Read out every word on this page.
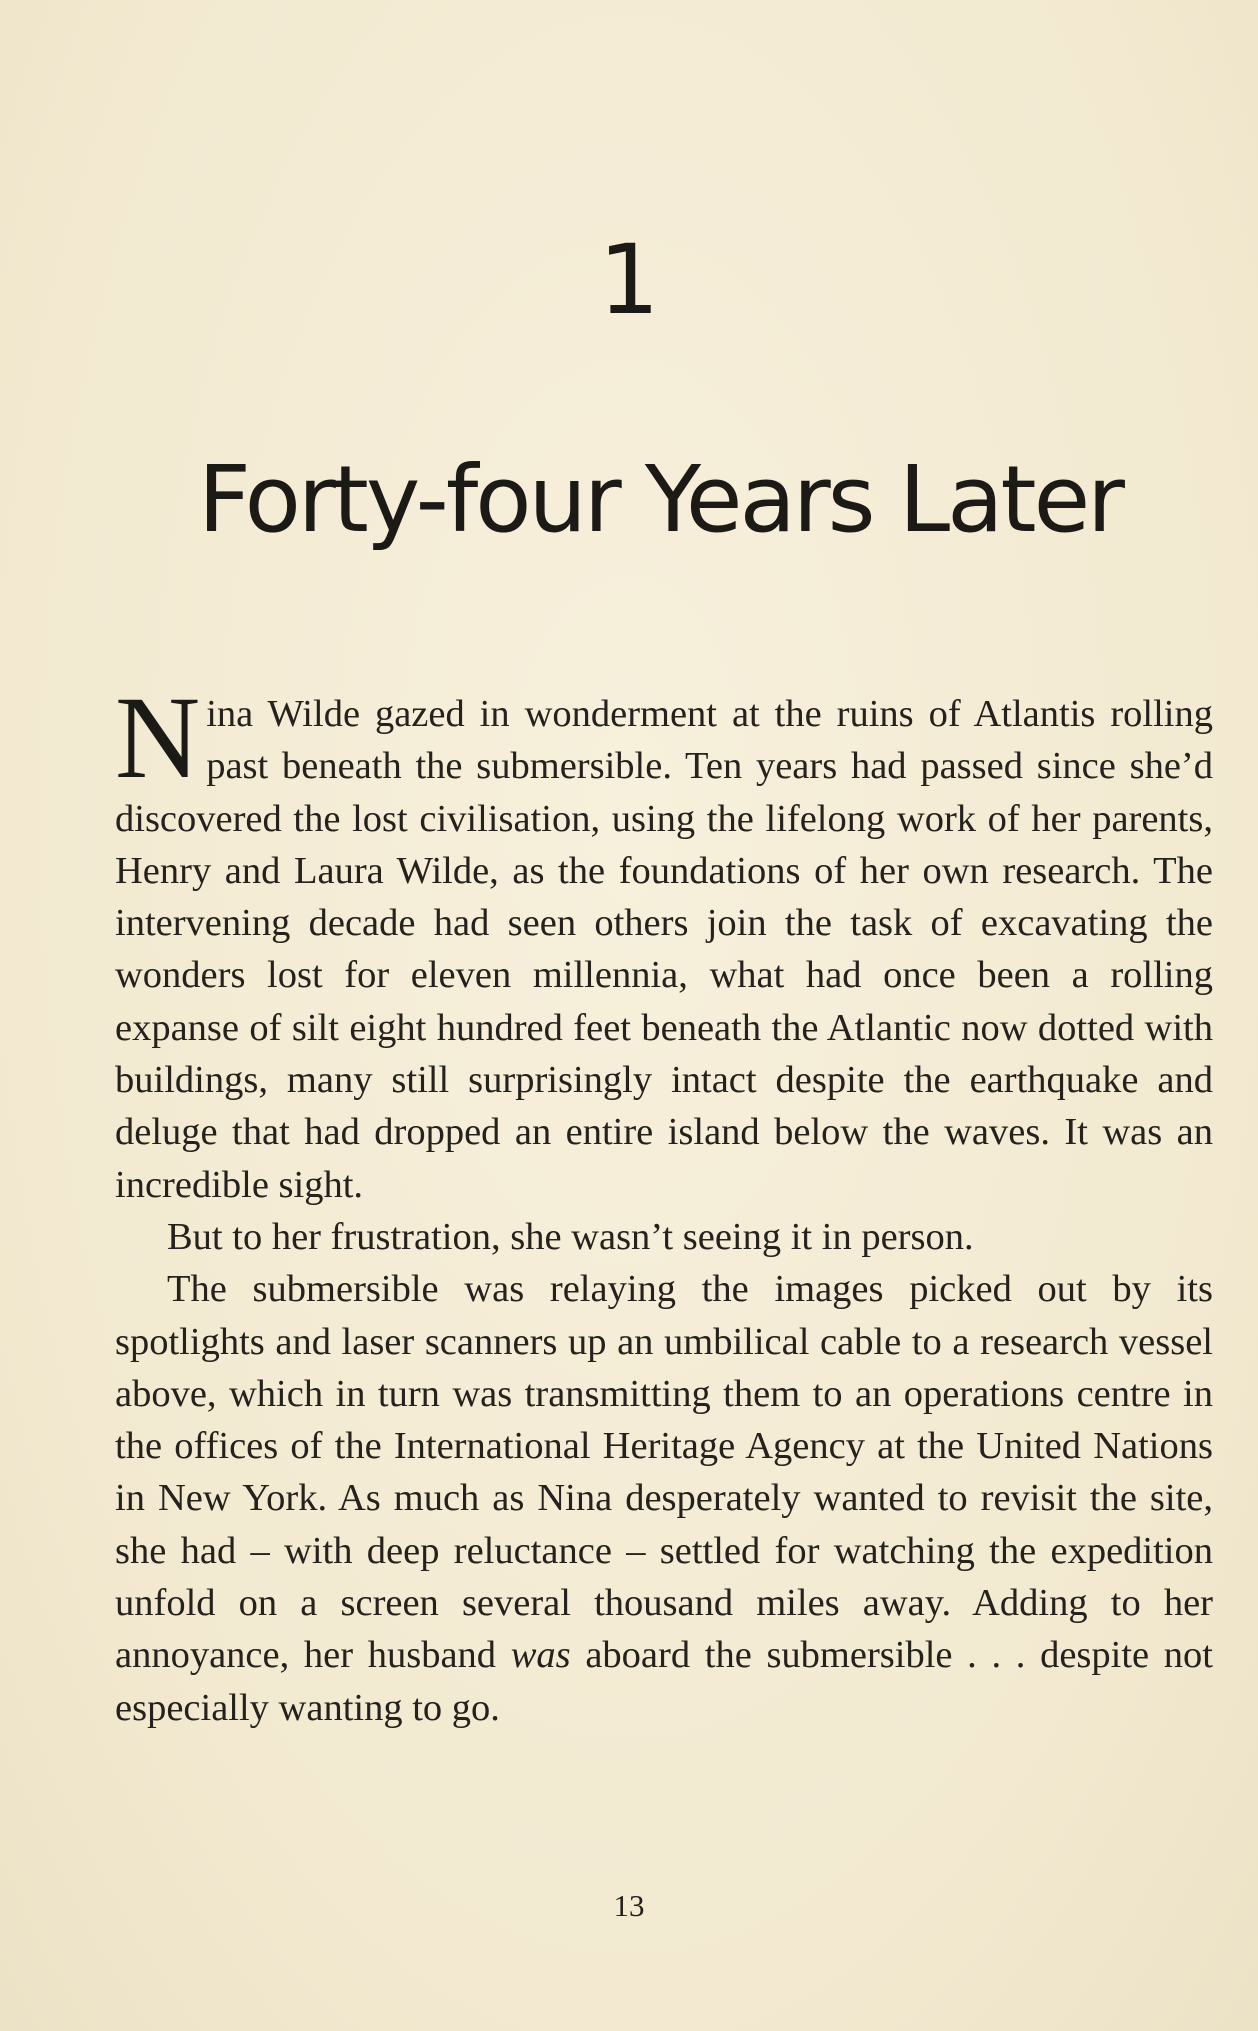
1
Forty-four Years Later

Nina Wilde gazed in wonderment at the ruins of Atlantis rolling past beneath the submersible. Ten years had passed since she’d discovered the lost civilisation, using the lifelong work of her parents, Henry and Laura Wilde, as the foundations of her own research. The intervening decade had seen others join the task of excavating the wonders lost for eleven millennia, what had once been a rolling expanse of silt eight hundred feet beneath the Atlantic now dotted with buildings, many still surprisingly intact despite the earthquake and deluge that had dropped an entire island below the waves. It was an incredible sight.

But to her frustration, she wasn’t seeing it in person.

The submersible was relaying the images picked out by its spotlights and laser scanners up an umbilical cable to a research vessel above, which in turn was transmitting them to an operations centre in the offices of the International Heritage Agency at the United Nations in New York. As much as Nina desperately wanted to revisit the site, she had – with deep reluctance – settled for watching the expedition unfold on a screen several thousand miles away. Adding to her annoyance, her husband was aboard the submersible . . . despite not especially wanting to go.

13
